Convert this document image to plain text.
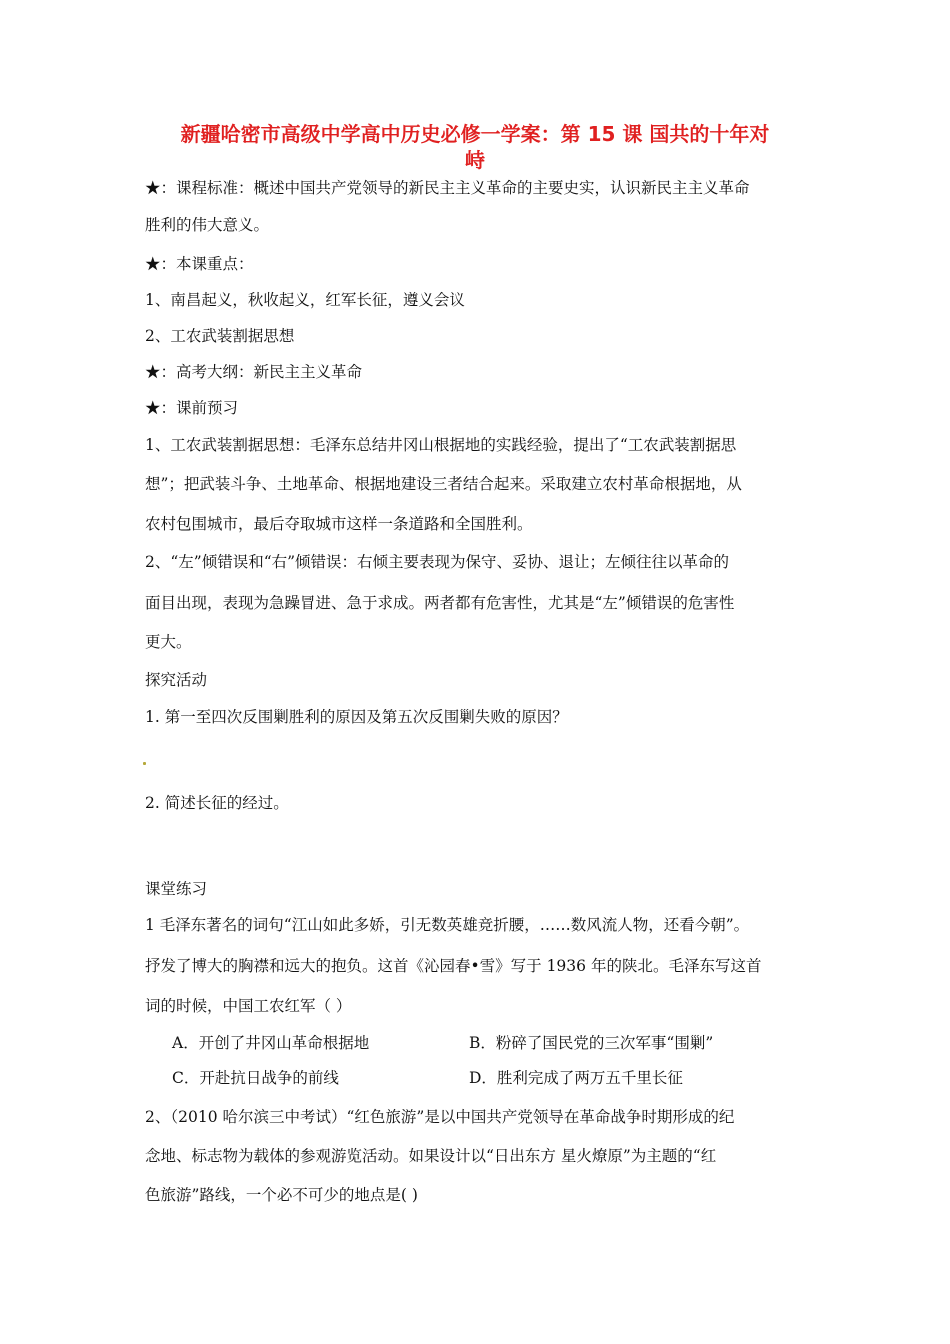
新疆哈密市高级中学高中历史必修一学案：第 15 课 国共的十年对
峙
★：课程标准：概述中国共产党领导的新民主主义革命的主要史实，认识新民主主义革命
胜利的伟大意义。
★：本课重点：
1、南昌起义，秋收起义，红军长征，遵义会议
2、工农武装割据思想
★：高考大纲：新民主主义革命
★：课前预习
1、工农武装割据思想：毛泽东总结井冈山根据地的实践经验，提出了“工农武装割据思
想”；把武装斗争、土地革命、根据地建设三者结合起来。采取建立农村革命根据地，从
农村包围城市，最后夺取城市这样一条道路和全国胜利。
2、“左”倾错误和“右”倾错误：右倾主要表现为保守、妥协、退让；左倾往往以革命的
面目出现，表现为急躁冒进、急于求成。两者都有危害性，尤其是“左”倾错误的危害性
更大。
探究活动
1. 第一至四次反围剿胜利的原因及第五次反围剿失败的原因？
2. 简述长征的经过。
课堂练习
1 毛泽东著名的词句“江山如此多娇，引无数英雄竞折腰，……数风流人物，还看今朝”。
抒发了博大的胸襟和远大的抱负。这首《沁园春•雪》写于 1936 年的陕北。毛泽东写这首
词的时候，中国工农红军（ ）
A．开创了井冈山革命根据地	B．粉碎了国民党的三次军事“围剿”
C．开赴抗日战争的前线	D．胜利完成了两万五千里长征
2、（2010 哈尔滨三中考试）“红色旅游”是以中国共产党领导在革命战争时期形成的纪
念地、标志物为载体的参观游览活动。如果设计以“日出东方 星火燎原”为主题的“红
色旅游”路线，一个必不可少的地点是( )
